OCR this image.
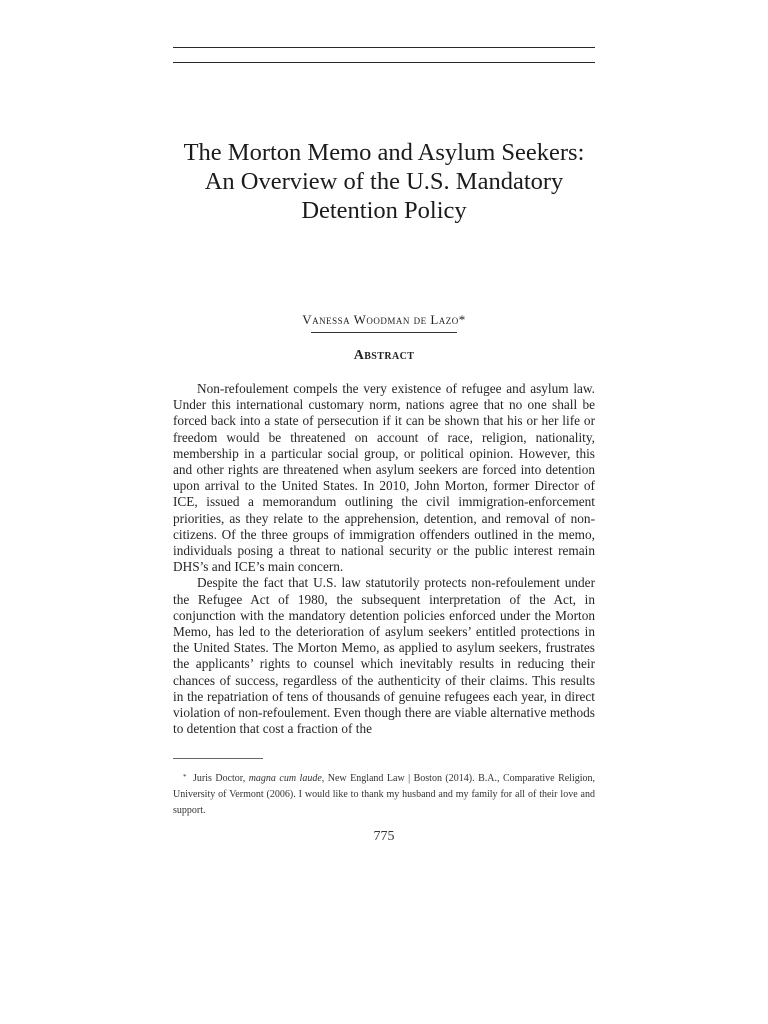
The Morton Memo and Asylum Seekers:
An Overview of the U.S. Mandatory
Detention Policy
Vanessa Woodman de Lazo*
Abstract

Non-refoulement compels the very existence of refugee and asylum law. Under this international customary norm, nations agree that no one shall be forced back into a state of persecution if it can be shown that his or her life or freedom would be threatened on account of race, religion, nationality, membership in a particular social group, or political opinion. However, this and other rights are threatened when asylum seekers are forced into detention upon arrival to the United States. In 2010, John Morton, former Director of ICE, issued a memorandum outlining the civil immigration-enforcement priorities, as they relate to the apprehension, detention, and removal of non-citizens. Of the three groups of immigration offenders outlined in the memo, individuals posing a threat to national security or the public interest remain DHS’s and ICE’s main concern.

Despite the fact that U.S. law statutorily protects non-refoulement under the Refugee Act of 1980, the subsequent interpretation of the Act, in conjunction with the mandatory detention policies enforced under the Morton Memo, has led to the deterioration of asylum seekers’ entitled protections in the United States. The Morton Memo, as applied to asylum seekers, frustrates the applicants’ rights to counsel which inevitably results in reducing their chances of success, regardless of the authenticity of their claims. This results in the repatriation of tens of thousands of genuine refugees each year, in direct violation of non-refoulement. Even though there are viable alternative methods to detention that cost a fraction of the

* Juris Doctor, magna cum laude, New England Law | Boston (2014). B.A., Comparative Religion, University of Vermont (2006). I would like to thank my husband and my family for all of their love and support.

775
